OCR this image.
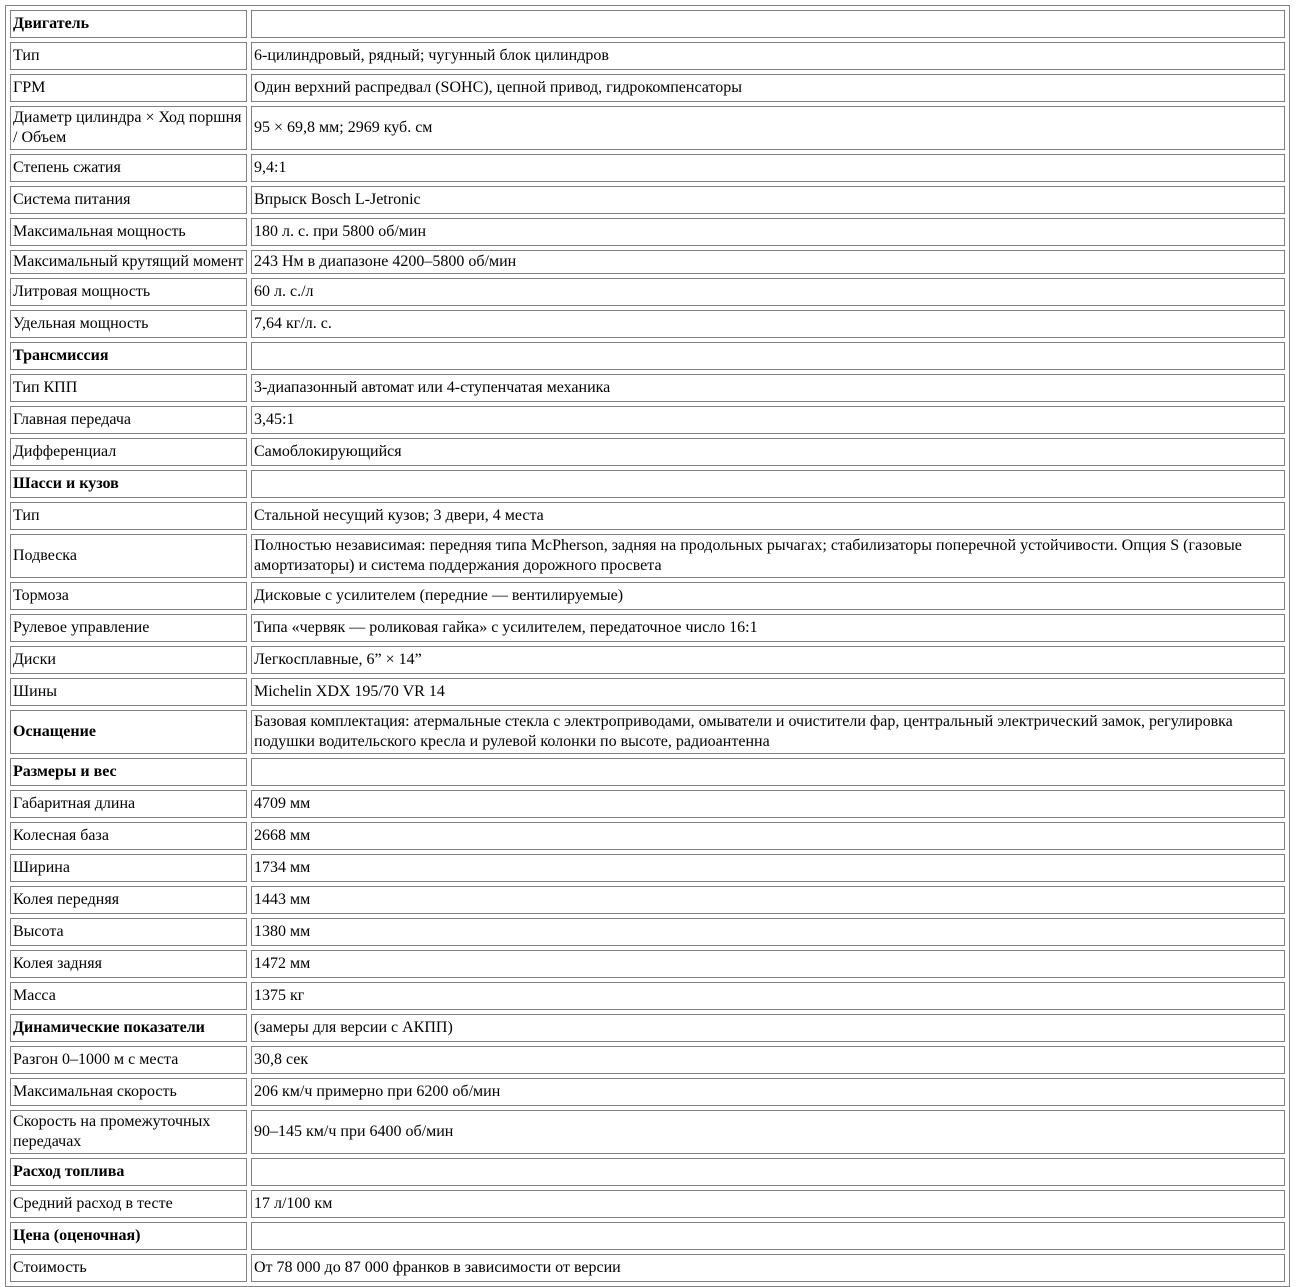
Двигатель	
Тип	6-цилиндровый, рядный; чугунный блок цилиндров
ГРМ	Один верхний распредвал (SOHC), цепной привод, гидрокомпенсаторы
Диаметр цилиндра × Ход поршня / Объем	95 × 69,8 мм; 2969 куб. см
Степень сжатия	9,4:1
Система питания	Впрыск Bosch L-Jetronic
Максимальная мощность	180 л. с. при 5800 об/мин
Максимальный крутящий момент	243 Нм в диапазоне 4200–5800 об/мин
Литровая мощность	60 л. с./л
Удельная мощность	7,64 кг/л. с.
Трансмиссия	
Тип КПП	3-диапазонный автомат или 4-ступенчатая механика
Главная передача	3,45:1
Дифференциал	Самоблокирующийся
Шасси и кузов	
Тип	Стальной несущий кузов; 3 двери, 4 места
Подвеска	Полностью независимая: передняя типа McPherson, задняя на продольных рычагах; стабилизаторы поперечной устойчивости. Опция S (газовые амортизаторы) и система поддержания дорожного просвета
Тормоза	Дисковые с усилителем (передние — вентилируемые)
Рулевое управление	Типа «червяк — роликовая гайка» с усилителем, передаточное число 16:1
Диски	Легкосплавные, 6” × 14”
Шины	Michelin XDX 195/70 VR 14
Оснащение	Базовая комплектация: атермальные стекла с электроприводами, омыватели и очистители фар, центральный электрический замок, регулировка подушки водительского кресла и рулевой колонки по высоте, радиоантенна
Размеры и вес	
Габаритная длина	4709 мм
Колесная база	2668 мм
Ширина	1734 мм
Колея передняя	1443 мм
Высота	1380 мм
Колея задняя	1472 мм
Масса	1375 кг
Динамические показатели	(замеры для версии с АКПП)
Разгон 0–1000 м с места	30,8 сек
Максимальная скорость	206 км/ч примерно при 6200 об/мин
Скорость на промежуточных передачах	90–145 км/ч при 6400 об/мин
Расход топлива	
Средний расход в тесте	17 л/100 км
Цена (оценочная)	
Стоимость	От 78 000 до 87 000 франков в зависимости от версии
